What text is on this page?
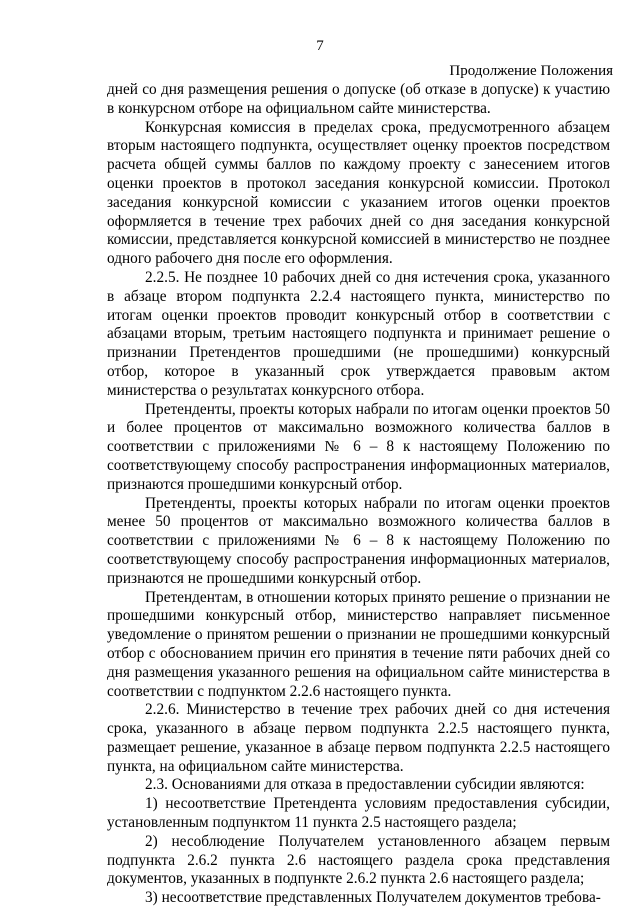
7
Продолжение Положения

дней со дня размещения решения о допуске (об отказе в допуске) к участию в конкурсном отборе на официальном сайте министерства.

Конкурсная комиссия в пределах срока, предусмотренного абзацем вторым настоящего подпункта, осуществляет оценку проектов посредством расчета общей суммы баллов по каждому проекту с занесением итогов оценки проектов в протокол заседания конкурсной комиссии. Протокол заседания конкурсной комиссии с указанием итогов оценки проектов оформляется в течение трех рабочих дней со дня заседания конкурсной комиссии, представляется конкурсной комиссией в министерство не позднее одного рабочего дня после его оформления.

2.2.5. Не позднее 10 рабочих дней со дня истечения срока, указанного в абзаце втором подпункта 2.2.4 настоящего пункта, министерство по итогам оценки проектов проводит конкурсный отбор в соответствии с абзацами вторым, третьим настоящего подпункта и принимает решение о признании Претендентов прошедшими (не прошедшими) конкурсный отбор, которое в указанный срок утверждается правовым актом министерства о результатах конкурсного отбора.

Претенденты, проекты которых набрали по итогам оценки проектов 50 и более процентов от максимально возможного количества баллов в соответствии с приложениями № 6 – 8 к настоящему Положению по соответствующему способу распространения информационных материалов, признаются прошедшими конкурсный отбор.

Претенденты, проекты которых набрали по итогам оценки проектов менее 50 процентов от максимально возможного количества баллов в соответствии с приложениями № 6 – 8 к настоящему Положению по соответствующему способу распространения информационных материалов, признаются не прошедшими конкурсный отбор.

Претендентам, в отношении которых принято решение о признании не прошедшими конкурсный отбор, министерство направляет письменное уведомление о принятом решении о признании не прошедшими конкурсный отбор с обоснованием причин его принятия в течение пяти рабочих дней со дня размещения указанного решения на официальном сайте министерства в соответствии с подпунктом 2.2.6 настоящего пункта.

2.2.6. Министерство в течение трех рабочих дней со дня истечения срока, указанного в абзаце первом подпункта 2.2.5 настоящего пункта, размещает решение, указанное в абзаце первом подпункта 2.2.5 настоящего пункта, на официальном сайте министерства.

2.3. Основаниями для отказа в предоставлении субсидии являются:

1) несоответствие Претендента условиям предоставления субсидии, установленным подпунктом 11 пункта 2.5 настоящего раздела;

2) несоблюдение Получателем установленного абзацем первым подпункта 2.6.2 пункта 2.6 настоящего раздела срока представления документов, указанных в подпункте 2.6.2 пункта 2.6 настоящего раздела;

3) несоответствие представленных Получателем документов требова-
